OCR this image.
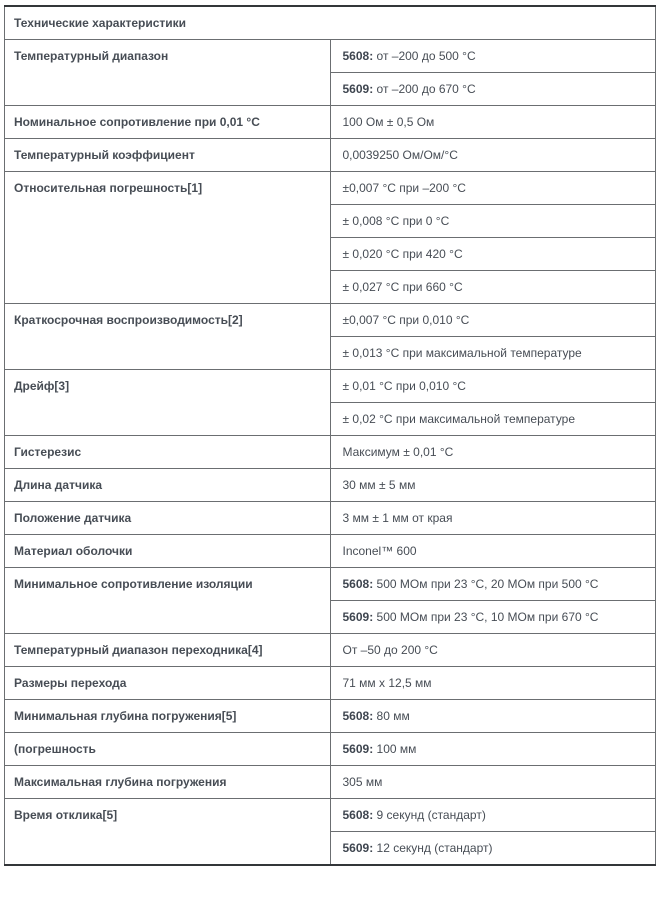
Технические характеристики	
Температурный диапазон	5608: от –200 до 500 °C
	5609: от –200 до 670 °C
Номинальное сопротивление при 0,01 °C	100 Ом ± 0,5 Ом
Температурный коэффициент	0,0039250 Ом/Ом/°C
Относительная погрешность[1]	±0,007 °C при –200 °C
	± 0,008 °C при 0 °C
	± 0,020 °C при 420 °C
	± 0,027 °C при 660 °C
Краткосрочная воспроизводимость[2]	±0,007 °C при 0,010 °C
	± 0,013 °C при максимальной температуре
Дрейф[3]	± 0,01 °C при 0,010 °C
	± 0,02 °C при максимальной температуре
Гистерезис	Максимум ± 0,01 °C
Длина датчика	30 мм ± 5 мм
Положение датчика	3 мм ± 1 мм от края
Материал оболочки	Inconel™ 600
Минимальное сопротивление изоляции	5608: 500 МОм при 23 °C, 20 МОм при 500 °C
	5609: 500 МОм при 23 °C, 10 МОм при 670 °C
Температурный диапазон переходника[4]	От –50 до 200 °C
Размеры перехода	71 мм x 12,5 мм
Минимальная глубина погружения[5]	5608: 80 мм
(погрешность	5609: 100 мм
Максимальная глубина погружения	305 мм
Время отклика[5]	5608: 9 секунд (стандарт)
	5609: 12 секунд (стандарт)
